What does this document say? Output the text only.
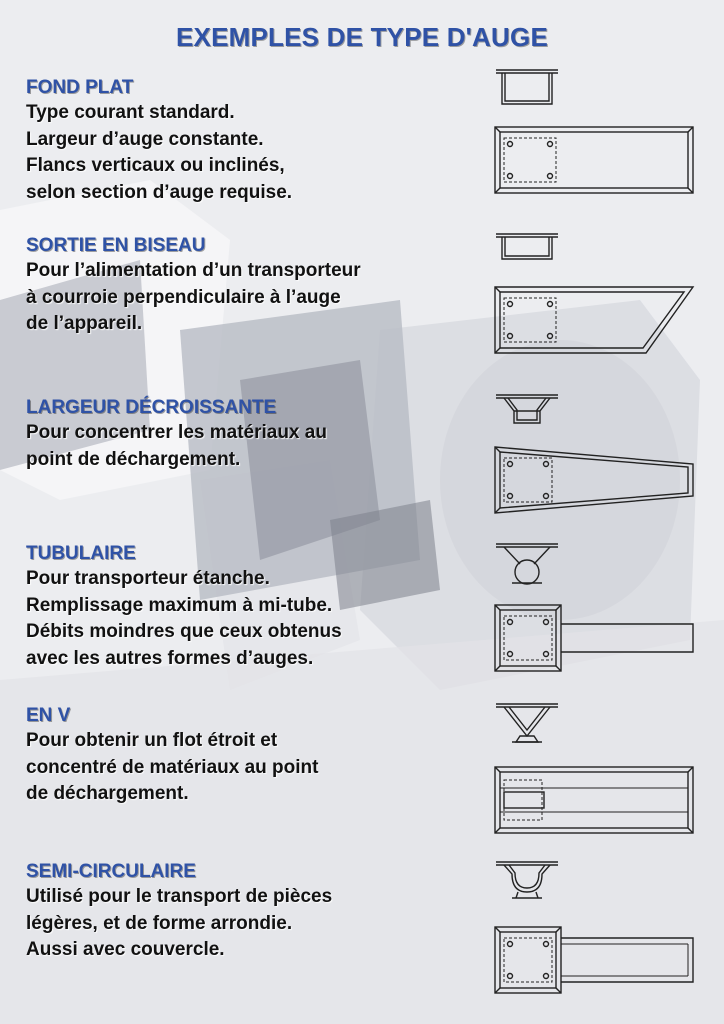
EXEMPLES DE TYPE D'AUGE
FOND PLAT
Type courant standard.
Largeur d’auge constante.
Flancs verticaux ou inclinés,
selon section d’auge requise.
SORTIE EN BISEAU
Pour l’alimentation d’un transporteur
à courroie perpendiculaire à l’auge
de l’appareil.
LARGEUR DÉCROISSANTE
Pour concentrer les matériaux au
point de déchargement.
TUBULAIRE
Pour transporteur étanche.
Remplissage maximum à mi-tube.
Débits moindres que ceux obtenus
avec les autres formes d’auges.
EN V
Pour obtenir un flot étroit et
concentré de matériaux au point
de déchargement.
SEMI-CIRCULAIRE
Utilisé pour le transport de pièces
légères, et de forme arrondie.
Aussi avec couvercle.
